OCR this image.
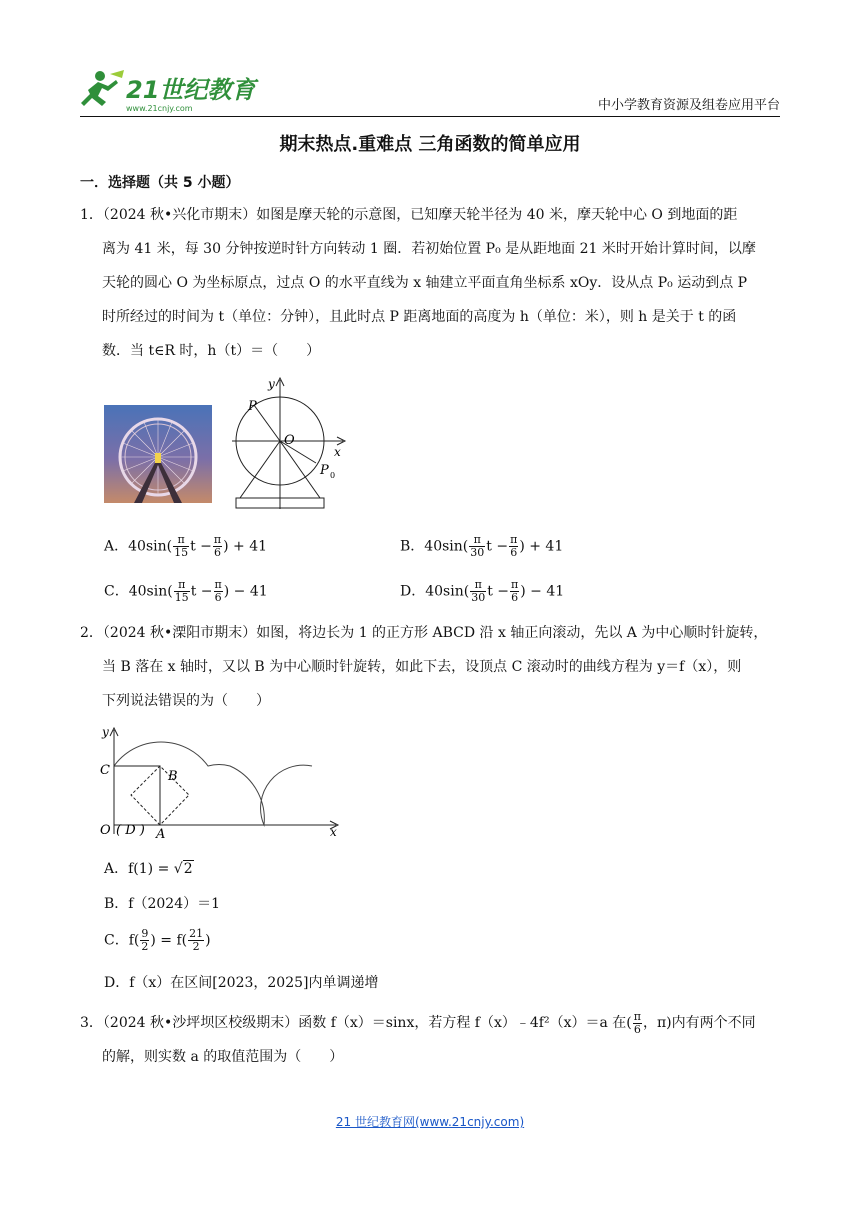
21世纪教育
www.21cnjy.com	中小学教育资源及组卷应用平台
期末热点.重难点 三角函数的简单应用
一．选择题（共 5 小题）
1．（2024 秋•兴化市期末）如图是摩天轮的示意图，已知摩天轮半径为 40 米，摩天轮中心 O 到地面的距
离为 41 米，每 30 分钟按逆时针方向转动 1 圈．若初始位置 P₀ 是从距地面 21 米时开始计算时间，以摩
天轮的圆心 O 为坐标原点，过点 O 的水平直线为 x 轴建立平面直角坐标系 xOy．设从点 P₀ 运动到点 P
时所经过的时间为 t（单位：分钟），且此时点 P 距离地面的高度为 h（单位：米），则 h 是关于 t 的函
数．当 t∈R 时，h（t）＝（　　）
y
P
O
x
P 0
A．$40\sin( \frac{\pi}{15}$ $t - \frac{\pi}{6}$ ) + 41	B．$40\sin( \frac{\pi}{30}$ $t - \frac{\pi}{6}$ ) + 41
C．$40\sin( \frac{\pi}{15}$ $t - \frac{\pi}{6}$ ) − 41	D．$40\sin( \frac{\pi}{30}$ $t - \frac{\pi}{6}$ ) − 41
2．（2024 秋•溧阳市期末）如图，将边长为 1 的正方形 ABCD 沿 x 轴正向滚动，先以 A 为中心顺时针旋转，
当 B 落在 x 轴时，又以 B 为中心顺时针旋转，如此下去，设顶点 C 滚动时的曲线方程为 y＝f（x），则
下列说法错误的为（　　）
y
C	B
O ( D ) A	x
A．f(1) = √2
B．f（2024）＝1
C．$f( \frac{9}{2}$ ) = $f( \frac{21}{2}$ )
D．f（x）在区间[2023，2025]内单调递增
3．（2024 秋•沙坪坝区校级期末）函数 f（x）＝sinx，若方程 f（x）﹣4f²（x）＝a 在( $\frac{\pi}{6}$ ，π)内有两个不同
的解，则实数 a 的取值范围为（　　）
21 世纪教育网(www.21cnjy.com)
